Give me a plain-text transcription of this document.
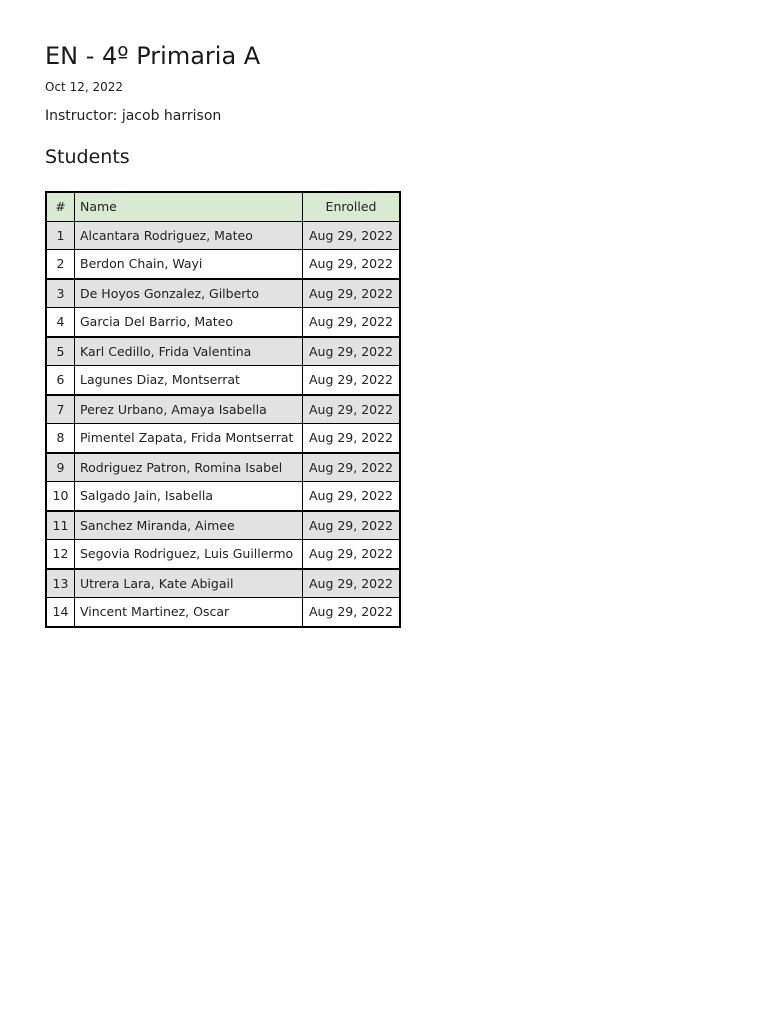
EN - 4º Primaria A
Oct 12, 2022
Instructor: jacob harrison
Students
#	Name	Enrolled
1	Alcantara Rodriguez, Mateo	Aug 29, 2022
2	Berdon Chain, Wayi	Aug 29, 2022
3	De Hoyos Gonzalez, Gilberto	Aug 29, 2022
4	Garcia Del Barrio, Mateo	Aug 29, 2022
5	Karl Cedillo, Frida Valentina	Aug 29, 2022
6	Lagunes Diaz, Montserrat	Aug 29, 2022
7	Perez Urbano, Amaya Isabella	Aug 29, 2022
8	Pimentel Zapata, Frida Montserrat	Aug 29, 2022
9	Rodriguez Patron, Romina Isabel	Aug 29, 2022
10	Salgado Jain, Isabella	Aug 29, 2022
11	Sanchez Miranda, Aimee	Aug 29, 2022
12	Segovia Rodriguez, Luis Guillermo	Aug 29, 2022
13	Utrera Lara, Kate Abigail	Aug 29, 2022
14	Vincent Martinez, Oscar	Aug 29, 2022
